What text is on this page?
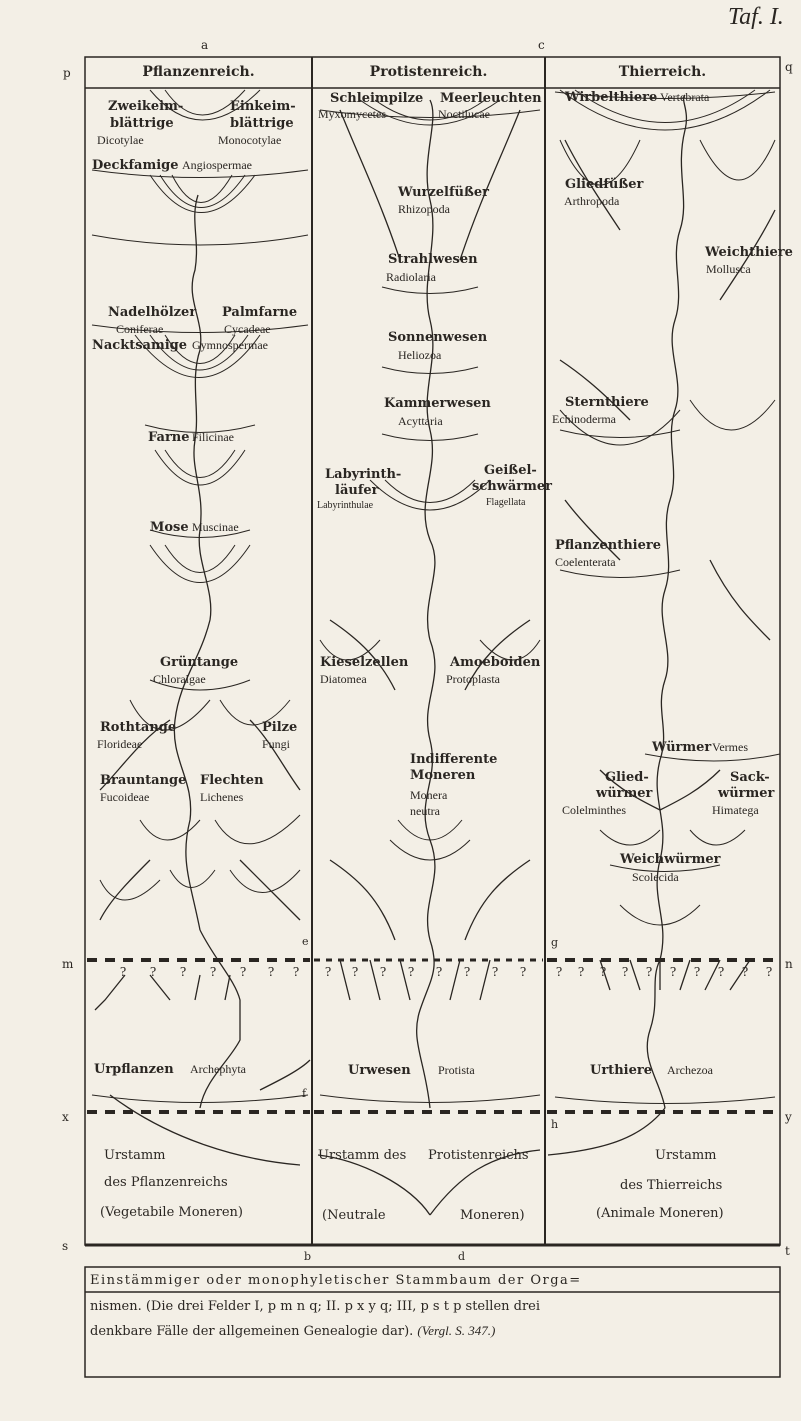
Taf. I.
a	c
p	q
m	n
x	y
s	t
Pflanzenreich.	Protistenreich.	Thierreich.
Zweikeim-
blättrige
Dicotylae
Einkeim-
blättrige
Monocotylae
Deckfamige Angiospermae
Nadelhölzer
Coniferae
Palmfarne
Cycadeae
Nacktsamige Gymnospermae
Farne Filicinae
Mose Muscinae
Grüntange
Chloralgae
Rothtange
Florideae
Pilze
Fungi
Brauntange
Fucoideae
Flechten
Lichenes
e
f
Urpflanzen Archephyta
Urstamm
des Pflanzenreichs
(Vegetabile Moneren)
Schleimpilze
Myxomycetes
Meerleuchten
Noctilucae
Wurzelfüßer
Rhizopoda
Strahlwesen
Radiolaria
Sonnenwesen
Heliozoa
Kammerwesen
Acyttaria
Labyrinth-
läufer
Labyrinthulae
Geißel-
schwärmer
Flagellata
Kieselzellen
Diatomea
Amoeboiden
Protoplasta
Indifferente
Moneren
Monera
neutra
Urwesen Protista
Urstamm des Protistenreichs
(Neutrale	Moneren)
Wirbelthiere Vertebrata
Gliedfüßer
Arthropoda
Weichthiere
Mollusca
Sternthiere
Echinoderma
Pflanzenthiere
Coelenterata
Würmer Vermes
Glied-
würmer
Colelminthes
Sack-
würmer
Himatega
Weichwürmer
Scolecida
g
h
Urthiere Archezoa
Urstamm
des Thierreichs
(Animale Moneren)
? ? ? ? ? ? ? ? ? ? ? ? ? ? ? ? ? ? ? ? ? ? ? ? ?
b	d
Einstämmiger oder monophyletischer Stammbaum der Orga=
nismen. (Die drei Felder I, p m n q; II. p x y q; III, p s t p stellen drei
denkbare Fälle der allgemeinen Genealogie dar). (Vergl. S. 347.)
